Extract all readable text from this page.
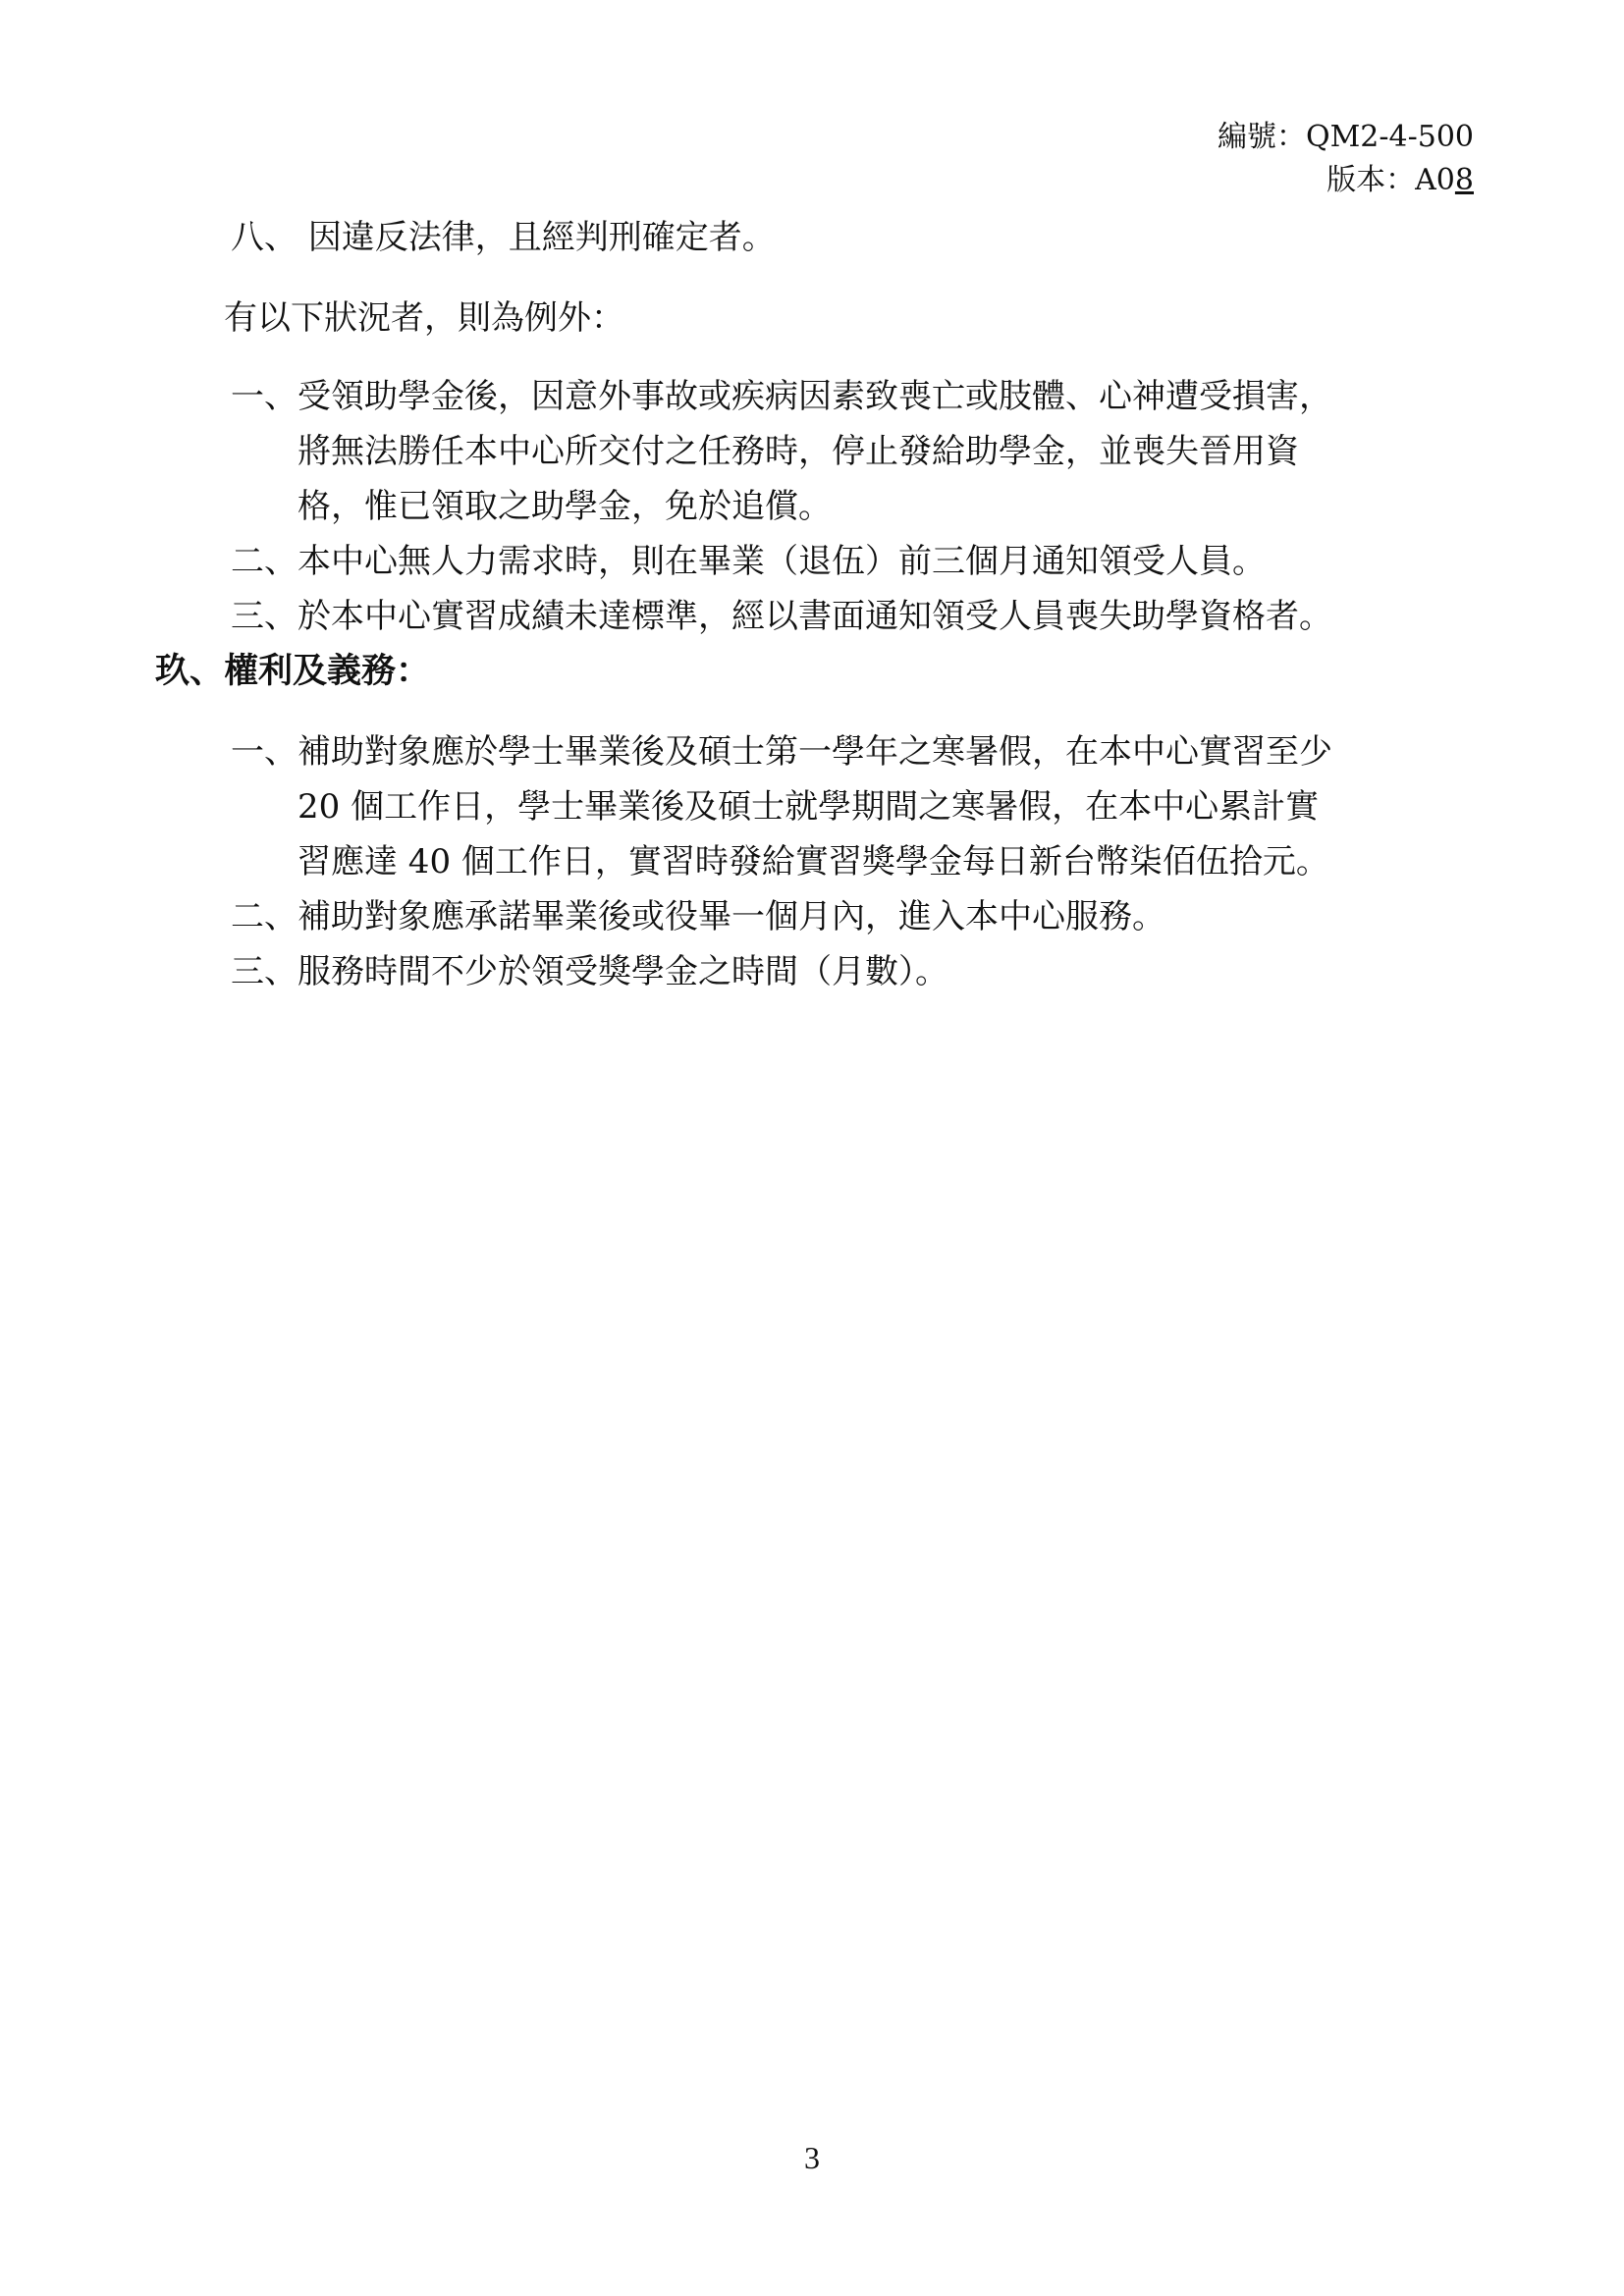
編號：QM2-4-500
版本：A08
八、 因違反法律，且經判刑確定者。
有以下狀況者，則為例外：
一、受領助學金後，因意外事故或疾病因素致喪亡或肢體、心神遭受損害，
將無法勝任本中心所交付之任務時，停止發給助學金，並喪失晉用資
格，惟已領取之助學金，免於追償。
二、本中心無人力需求時，則在畢業（退伍）前三個月通知領受人員。
三、於本中心實習成績未達標準，經以書面通知領受人員喪失助學資格者。
玖、權利及義務：
一、補助對象應於學士畢業後及碩士第一學年之寒暑假，在本中心實習至少
20 個工作日，學士畢業後及碩士就學期間之寒暑假，在本中心累計實
習應達 40 個工作日，實習時發給實習獎學金每日新台幣柒佰伍拾元。
二、補助對象應承諾畢業後或役畢一個月內，進入本中心服務。
三、服務時間不少於領受獎學金之時間（月數）。
3
